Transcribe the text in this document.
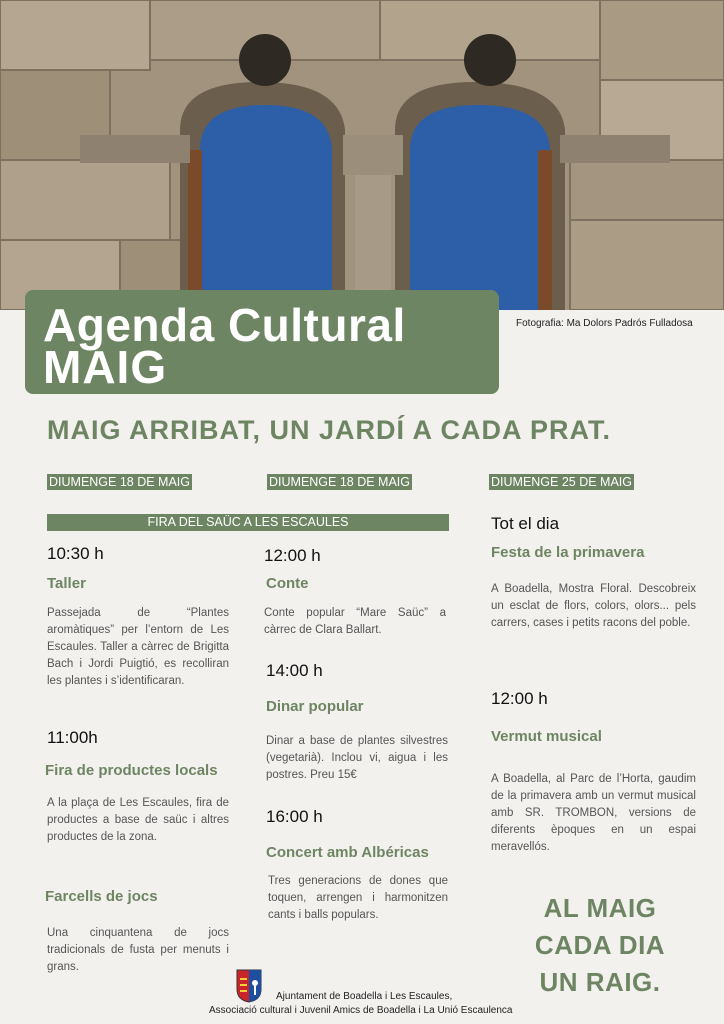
Agenda Cultural
MAIG
Fotografia: Ma Dolors Padrós Fulladosa
MAIG ARRIBAT, UN JARDÍ A CADA PRAT.
DIUMENGE 18 DE MAIG	DIUMENGE 18 DE MAIG	DIUMENGE 25 DE MAIG
FIRA DEL SAÜC A LES ESCAULES
10:30 h
Taller
Passejada de “Plantes aromàtiques” per l’entorn de Les Escaules. Taller a càrrec de Brigitta Bach i Jordi Puigtió, es recolliran les plantes i s’identificaran.
11:00h
Fira de productes locals
A la plaça de Les Escaules, fira de productes a base de saüc i altres productes de la zona.
Farcells de jocs
Una cinquantena de jocs tradicionals de fusta per menuts i grans.
12:00 h
Conte
Conte popular “Mare Saüc” a càrrec de Clara Ballart.
14:00 h
Dinar popular
Dinar a base de plantes silvestres (vegetarià). Inclou vi, aigua i les postres. Preu 15€
16:00 h
Concert amb Albéricas
Tres generacions de dones que toquen, arrengen i harmonitzen cants i balls populars.
Tot el dia
Festa de la primavera
A Boadella, Mostra Floral. Descobreix un esclat de flors, colors, olors... pels carrers, cases i petits racons del poble.
12:00 h
Vermut musical
A Boadella, al Parc de l’Horta, gaudim de la primavera amb un vermut musical amb SR. TROMBON, versions de diferents èpoques en un espai meravellós.
AL MAIG
CADA DIA
UN RAIG.
Ajuntament de Boadella i Les Escaules,
Associació cultural i Juvenil Amics de Boadella i La Unió Escaulenca
